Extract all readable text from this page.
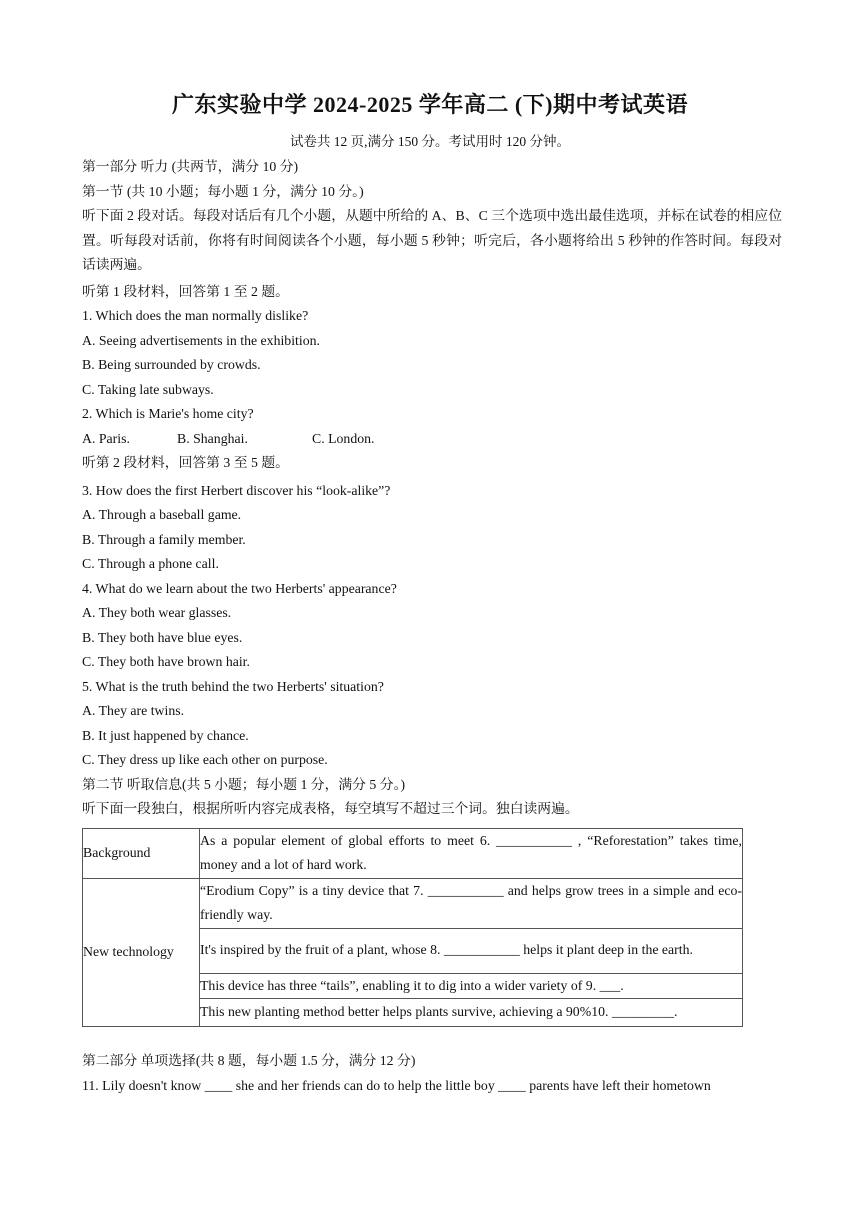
广东实验中学 2024-2025 学年高二 (下)期中考试英语
试卷共 12 页,满分 150 分。考试用时 120 分钟。
第一部分 听力 (共两节，满分 10 分)
第一节 (共 10 小题；每小题 1 分，满分 10 分。)
听下面 2 段对话。每段对话后有几个小题，从题中所给的 A、B、C 三个选项中选出最佳选项，并标在试卷的相应位置。听每段对话前，你将有时间阅读各个小题，每小题 5 秒钟；听完后，各小题将给出 5 秒钟的作答时间。每段对话读两遍。
听第 1 段材料，回答第 1 至 2 题。
1. Which does the man normally dislike?
A. Seeing advertisements in the exhibition.
B. Being surrounded by crowds.
C. Taking late subways.
2. Which is Marie's home city?
A. Paris.	B. Shanghai.	C. London.
听第 2 段材料，回答第 3 至 5 题。
3. How does the first Herbert discover his “look-alike”?
A. Through a baseball game.
B. Through a family member.
C. Through a phone call.
4. What do we learn about the two Herberts' appearance?
A. They both wear glasses.
B. They both have blue eyes.
C. They both have brown hair.
5. What is the truth behind the two Herberts' situation?
A. They are twins.
B. It just happened by chance.
C. They dress up like each other on purpose.
第二节 听取信息(共 5 小题；每小题 1 分，满分 5 分。)
听下面一段独白，根据所听内容完成表格，每空填写不超过三个词。独白读两遍。
Background	As a popular element of global efforts to meet 6. ___________ , “Reforestation” takes time, money and a lot of hard work.
New technology	“Erodium Copy” is a tiny device that 7. ___________ and helps grow trees in a simple and eco-friendly way.
	It's inspired by the fruit of a plant, whose 8. ___________ helps it plant deep in the earth.
	This device has three “tails”, enabling it to dig into a wider variety of 9. ___.
	This new planting method better helps plants survive, achieving a 90%10. _________.
第二部分 单项选择(共 8 题，每小题 1.5 分，满分 12 分)
11. Lily doesn't know ____ she and her friends can do to help the little boy ____ parents have left their hometown
